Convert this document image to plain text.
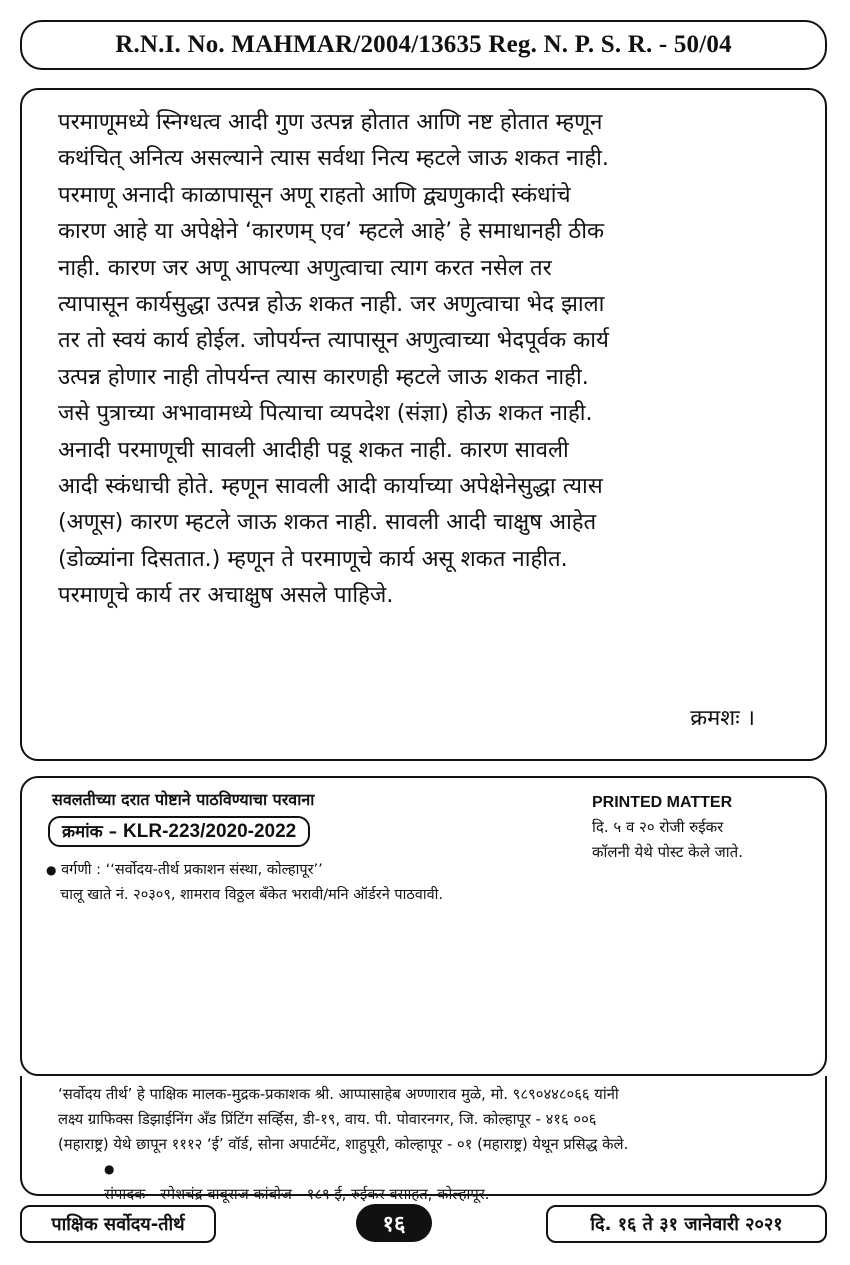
R.N.I. No. MAHMAR/2004/13635 Reg. N. P. S. R. - 50/04

परमाणूमध्ये स्निग्धत्व आदी गुण उत्पन्न होतात आणि नष्ट होतात म्हणून
कथंचित् अनित्य असल्याने त्यास सर्वथा नित्य म्हटले जाऊ शकत नाही.
परमाणू अनादी काळापासून अणू राहतो आणि द्व्यणुकादी स्कंधांचे
कारण आहे या अपेक्षेने ‘कारणम् एव’ म्हटले आहे’ हे समाधानही ठीक
नाही. कारण जर अणू आपल्या अणुत्वाचा त्याग करत नसेल तर
त्यापासून कार्यसुद्धा उत्पन्न होऊ शकत नाही. जर अणुत्वाचा भेद झाला
तर तो स्वयं कार्य होईल. जोपर्यन्त त्यापासून अणुत्वाच्या भेदपूर्वक कार्य
उत्पन्न होणार नाही तोपर्यन्त त्यास कारणही म्हटले जाऊ शकत नाही.
जसे पुत्राच्या अभावामध्ये पित्याचा व्यपदेश (संज्ञा) होऊ शकत नाही.
अनादी परमाणूची सावली आदीही पडू शकत नाही. कारण सावली
आदी स्कंधाची होते. म्हणून सावली आदी कार्याच्या अपेक्षेनेसुद्धा त्यास
(अणूस) कारण म्हटले जाऊ शकत नाही. सावली आदी चाक्षुष आहेत
(डोळ्यांना दिसतात.) म्हणून ते परमाणूचे कार्य असू शकत नाहीत.
परमाणूचे कार्य तर अचाक्षुष असले पाहिजे.

क्रमशः ।
सवलतीच्या दरात पोष्टाने पाठविण्याचा परवाना
क्रमांक – KLR-223/2020-2022
● वर्गणी : ‘‘सर्वोदय-तीर्थ प्रकाशन संस्था, कोल्हापूर’’
चालू खाते नं. २०३०९, शामराव विठ्ठल बँकेत भरावी/मनि ऑर्डरने पाठवावी.
PRINTED MATTER
दि. ५ व २० रोजी रुईकर
कॉलनी येथे पोस्ट केले जाते.
‘सर्वोदय तीर्थ’ हे पाक्षिक मालक-मुद्रक-प्रकाशक श्री. आप्पासाहेब अण्णाराव मुळे, मो. ९८९०४४८०६६ यांनी
लक्ष्य ग्राफिक्स डिझाईनिंग अँड प्रिंटिंग सर्व्हिस, डी-१९, वाय. पी. पोवारनगर, जि. कोल्हापूर - ४१६ ००६
(महाराष्ट्र) येथे छापून १११२ ‘ई’ वॉर्ड, सोना अपार्टमेंट, शाहुपूरी, कोल्हापूर - ०१ (महाराष्ट्र) येथून प्रसिद्ध केले.
●
संपादक - रमेशचंद्र बाबूराज कांबोज - १८९ ई, रुईकर वसाहत, कोल्हापूर.
पाक्षिक सर्वोदय-तीर्थ	१६	दि. १६ ते ३१ जानेवारी २०२१
